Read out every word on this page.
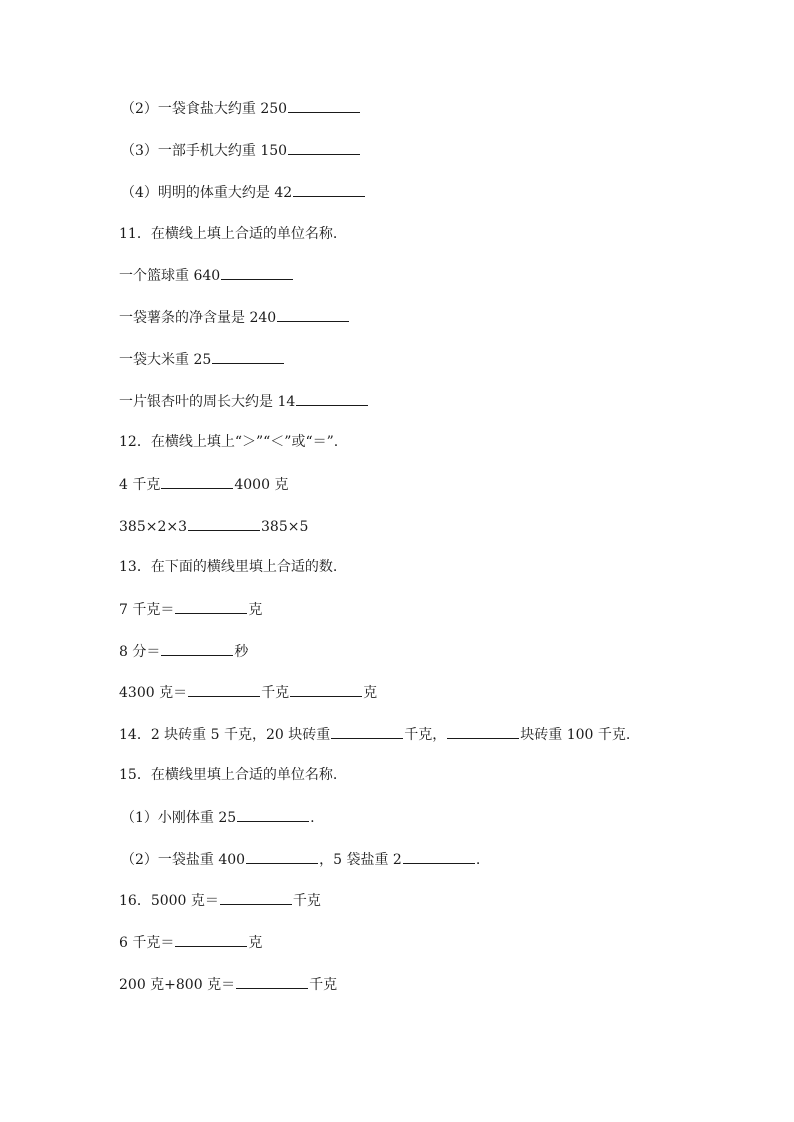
（2）一袋食盐大约重 250
（3）一部手机大约重 150
（4）明明的体重大约是 42
11．在横线上填上合适的单位名称.
一个篮球重 640
一袋薯条的净含量是 240
一袋大米重 25
一片银杏叶的周长大约是 14
12．在横线上填上“＞”“＜”或“＝”.
4 千克	4000 克
385×2×3	385×5
13．在下面的横线里填上合适的数.
7 千克＝	克
8 分＝	秒
4300 克＝	千克	克
14．2 块砖重 5 千克，20 块砖重	千克，	块砖重 100 千克.
15．在横线里填上合适的单位名称.
（1）小刚体重 25	.
（2）一袋盐重 400	，5 袋盐重 2	.
16．5000 克＝	千克
6 千克＝	克
200 克+800 克＝	千克
